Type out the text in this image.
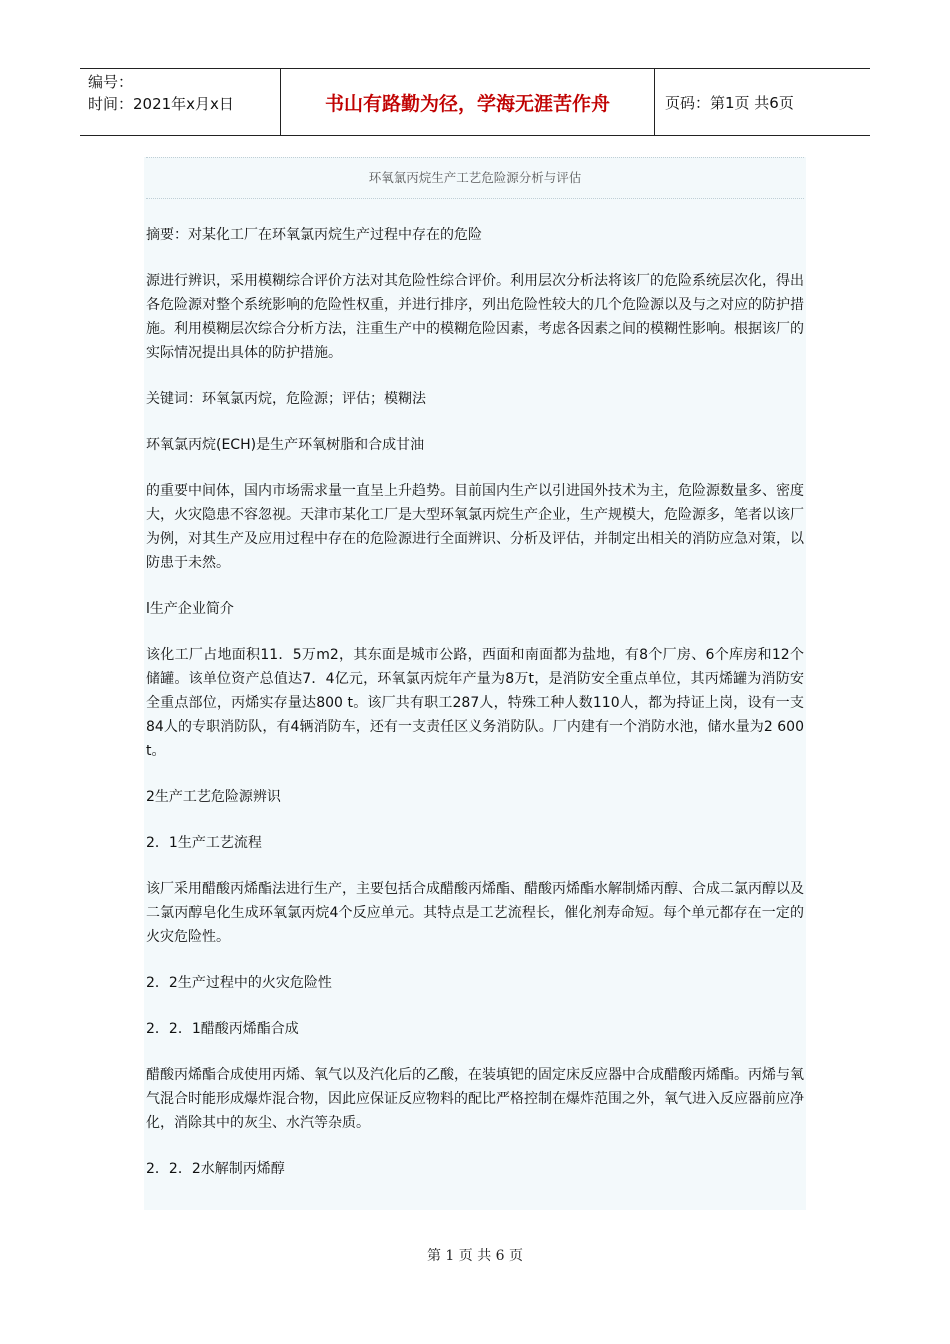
编号：
时间：2021年x月x日	书山有路勤为径，学海无涯苦作舟	页码：第1页 共6页
环氧氯丙烷生产工艺危险源分析与评估

摘要：对某化工厂在环氧氯丙烷生产过程中存在的危险

源进行辨识，采用模糊综合评价方法对其危险性综合评价。利用层次分析法将该厂的危险系统层次化，得出各危险源对整个系统影响的危险性权重，并进行排序，列出危险性较大的几个危险源以及与之对应的防护措施。利用模糊层次综合分析方法，注重生产中的模糊危险因素，考虑各因素之间的模糊性影响。根据该厂的实际情况提出具体的防护措施。

关键词：环氧氯丙烷，危险源；评估；模糊法

环氧氯丙烷(ECH)是生产环氧树脂和合成甘油

的重要中间体，国内市场需求量一直呈上升趋势。目前国内生产以引进国外技术为主，危险源数量多、密度大，火灾隐患不容忽视。天津市某化工厂是大型环氧氯丙烷生产企业，生产规模大，危险源多，笔者以该厂为例，对其生产及应用过程中存在的危险源进行全面辨识、分析及评估，并制定出相关的消防应急对策，以防患于未然。

l生产企业简介

该化工厂占地面积11．5万m2，其东面是城市公路，西面和南面都为盐地，有8个厂房、6个库房和12个储罐。该单位资产总值达7．4亿元，环氧氯丙烷年产量为8万t，是消防安全重点单位，其丙烯罐为消防安全重点部位，丙烯实存量达800 t。该厂共有职工287人，特殊工种人数110人，都为持证上岗，设有一支84人的专职消防队，有4辆消防车，还有一支责任区义务消防队。厂内建有一个消防水池，储水量为2 600 t。

2生产工艺危险源辨识

2．1生产工艺流程

该厂采用醋酸丙烯酯法进行生产，主要包括合成醋酸丙烯酯、醋酸丙烯酯水解制烯丙醇、合成二氯丙醇以及二氯丙醇皂化生成环氧氯丙烷4个反应单元。其特点是工艺流程长，催化剂寿命短。每个单元都存在一定的火灾危险性。

2．2生产过程中的火灾危险性

2．2．1醋酸丙烯酯合成

醋酸丙烯酯合成使用丙烯、氧气以及汽化后的乙酸，在装填钯的固定床反应器中合成醋酸丙烯酯。丙烯与氧气混合时能形成爆炸混合物，因此应保证反应物料的配比严格控制在爆炸范围之外，氧气进入反应器前应净化，消除其中的灰尘、水汽等杂质。

2．2．2水解制丙烯醇

第 1 页 共 6 页
